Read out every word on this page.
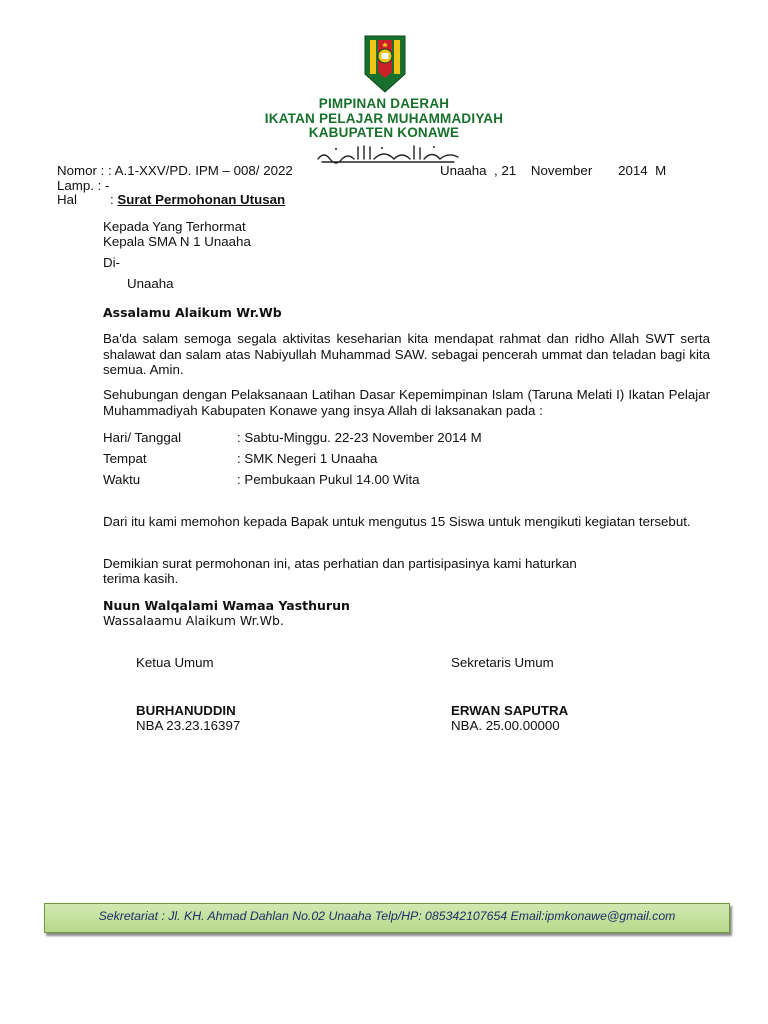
PIMPINAN DAERAH
IKATAN PELAJAR MUHAMMADIYAH
KABUPATEN KONAWE
Nomor : : A.1-XXV/PD. IPM – 008/ 2022	Unaaha  , 21    November       2014  M
Lamp. : -
Hal : Surat Permohonan Utusan
Kepada Yang Terhormat
Kepala SMA N 1 Unaaha
Di-
Unaaha
Assalamu Alaikum Wr.Wb
Ba'da salam semoga segala aktivitas keseharian kita mendapat rahmat dan ridho Allah SWT serta shalawat dan salam atas Nabiyullah Muhammad SAW. sebagai pencerah ummat dan teladan bagi kita semua. Amin.
Sehubungan dengan Pelaksanaan Latihan Dasar Kepemimpinan Islam (Taruna Melati I) Ikatan Pelajar Muhammadiyah Kabupaten Konawe yang insya Allah di laksanakan pada :
Hari/ Tanggal	: Sabtu-Minggu. 22-23 November 2014 M
Tempat	: SMK Negeri 1 Unaaha
Waktu	: Pembukaan Pukul 14.00 Wita
Dari itu kami memohon kepada Bapak untuk mengutus 15 Siswa untuk mengikuti kegiatan tersebut.
Demikian surat permohonan ini, atas perhatian dan partisipasinya kami haturkan
terima kasih.
Nuun Walqalami Wamaa Yasthurun
Wassalaamu Alaikum Wr.Wb.
Ketua Umum	Sekretaris Umum
BURHANUDDIN	ERWAN SAPUTRA
NBA 23.23.16397	NBA. 25.00.00000
Sekretariat : Jl. KH. Ahmad Dahlan No.02 Unaaha Telp/HP: 085342107654 Email:ipmkonawe@gmail.com
